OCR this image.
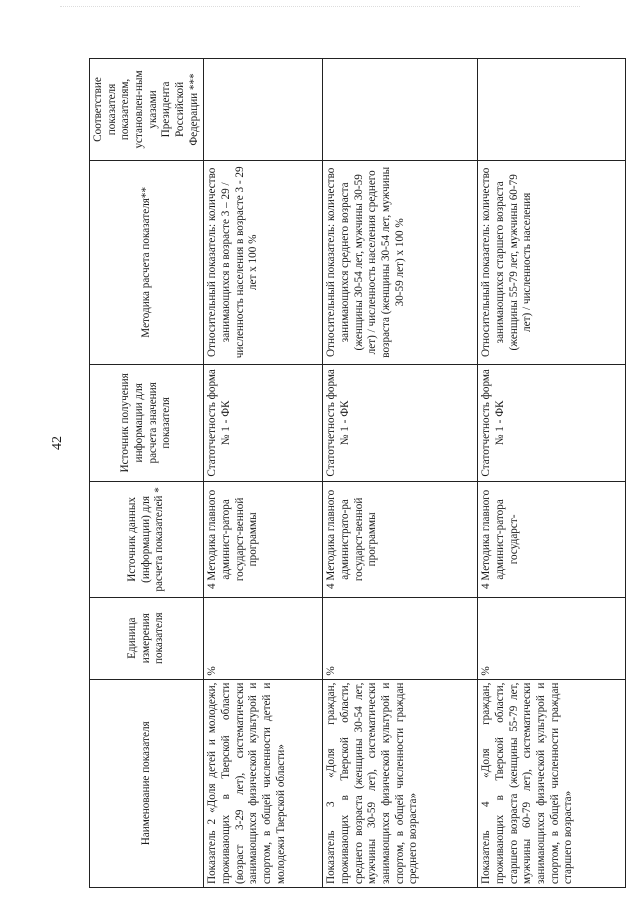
42
Наименование показателя	Единица измерения показателя	Источник данных (информации) для расчета показателей *	Источник получения информации для расчета значения показателя	Методика расчета показателя**	Соответствие показателя показателям, установлен-ным указами Президента Российской Федерации ***
Показатель 2 «Доля детей и молодежи, проживающих в Тверской области (возраст 3-29 лет), систематически занимающихся физической культурой и спортом, в общей численности детей и молодежи Тверской области»	%	4 Методика главного админист-ратора государст-венной программы	Статотчетность форма № 1 - ФК	Относительный показатель: количество занимающихся в возрасте 3 – 29 / численность населения в возрасте 3 - 29 лет х 100 %	
Показатель 3 «Доля граждан, проживающих в Тверской области, среднего возраста (женщины 30-54 лет, мужчины 30-59 лет), систематически занимающихся физической культурой и спортом, в общей численности граждан среднего возраста»	%	4 Методика главного администрато-ра государст-венной программы	Статотчетность форма № 1 - ФК	Относительный показатель: количество занимающихся среднего возраста (женщины 30-54 лет, мужчины 30-59 лет) / численность населения среднего возраста (женщины 30-54 лет, мужчины 30-59 лет) х 100 %	
Показатель 4 «Доля граждан, проживающих в Тверской области, старшего возраста (женщины 55-79 лет, мужчины 60-79 лет), систематически занимающихся физической культурой и спортом, в общей численности граждан старшего возраста»	%	4 Методика главного админист-ратора государст-	Статотчетность форма № 1 - ФК	Относительный показатель: количество занимающихся старшего возраста (женщины 55-79 лет, мужчины 60-79 лет) / численность населения	
